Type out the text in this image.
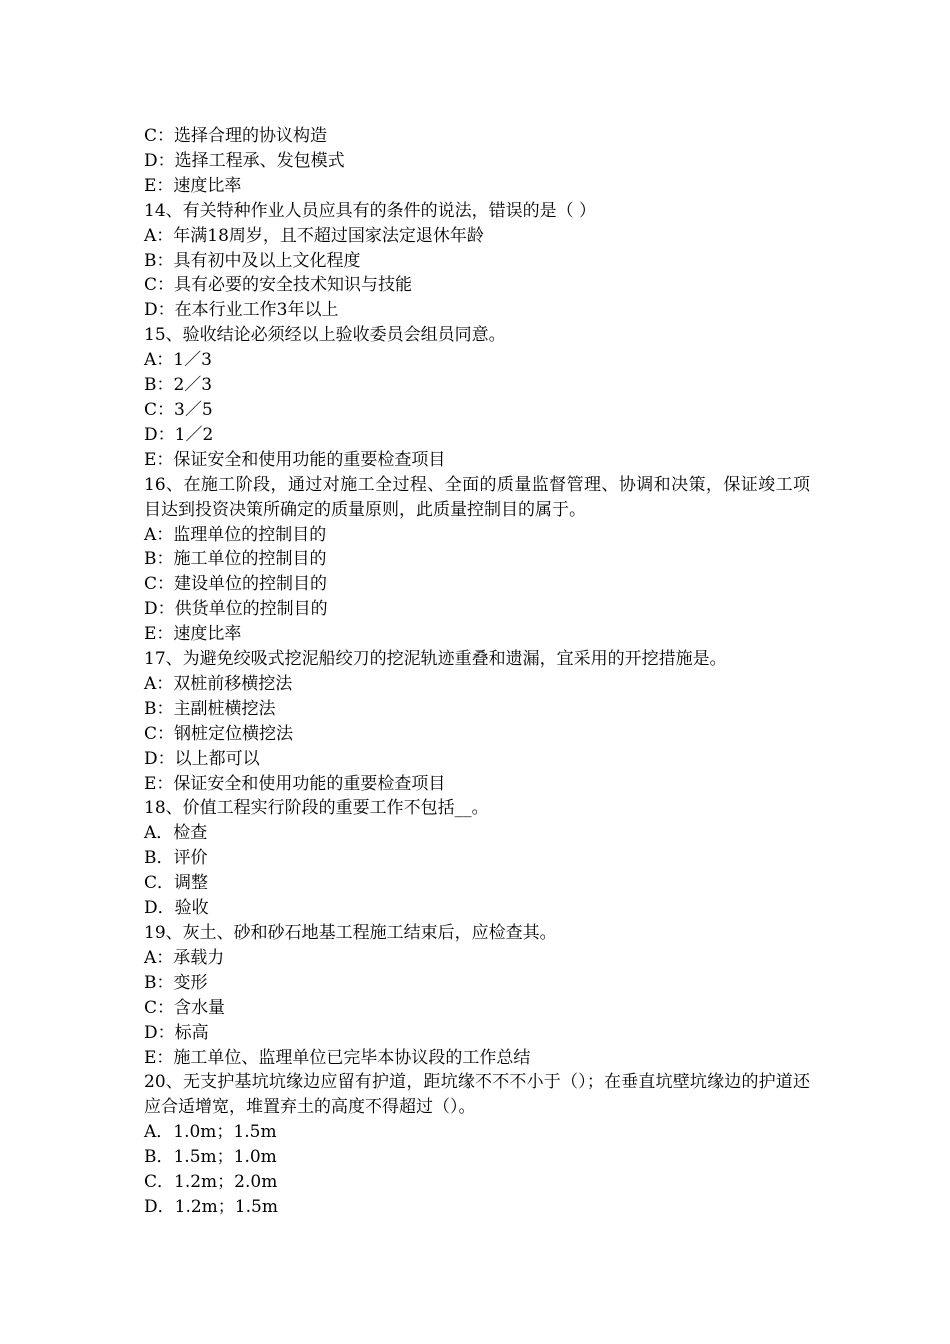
C：选择合理的协议构造
D：选择工程承、发包模式
E：速度比率
14、有关特种作业人员应具有的条件的说法，错误的是（ ）
A：年满18周岁，且不超过国家法定退休年龄
B：具有初中及以上文化程度
C：具有必要的安全技术知识与技能
D：在本行业工作3年以上
15、验收结论必须经以上验收委员会组员同意。
A：1／3
B：2／3
C：3／5
D：1／2
E：保证安全和使用功能的重要检查项目
16、在施工阶段，通过对施工全过程、全面的质量监督管理、协调和决策，保证竣工项目达到投资决策所确定的质量原则，此质量控制目的属于。
A：监理单位的控制目的
B：施工单位的控制目的
C：建设单位的控制目的
D：供货单位的控制目的
E：速度比率
17、为避免绞吸式挖泥船绞刀的挖泥轨迹重叠和遗漏，宜采用的开挖措施是。
A：双桩前移横挖法
B：主副桩横挖法
C：钢桩定位横挖法
D：以上都可以
E：保证安全和使用功能的重要检查项目
18、价值工程实行阶段的重要工作不包括__。
A．检查
B．评价
C．调整
D．验收
19、灰土、砂和砂石地基工程施工结束后，应检查其。
A：承载力
B：变形
C：含水量
D：标高
E：施工单位、监理单位已完毕本协议段的工作总结
20、无支护基坑坑缘边应留有护道，距坑缘不不不小于（）；在垂直坑壁坑缘边的护道还应合适增宽，堆置弃土的高度不得超过（）。
A．1.0m；1.5m
B．1.5m；1.0m
C．1.2m；2.0m
D．1.2m；1.5m
